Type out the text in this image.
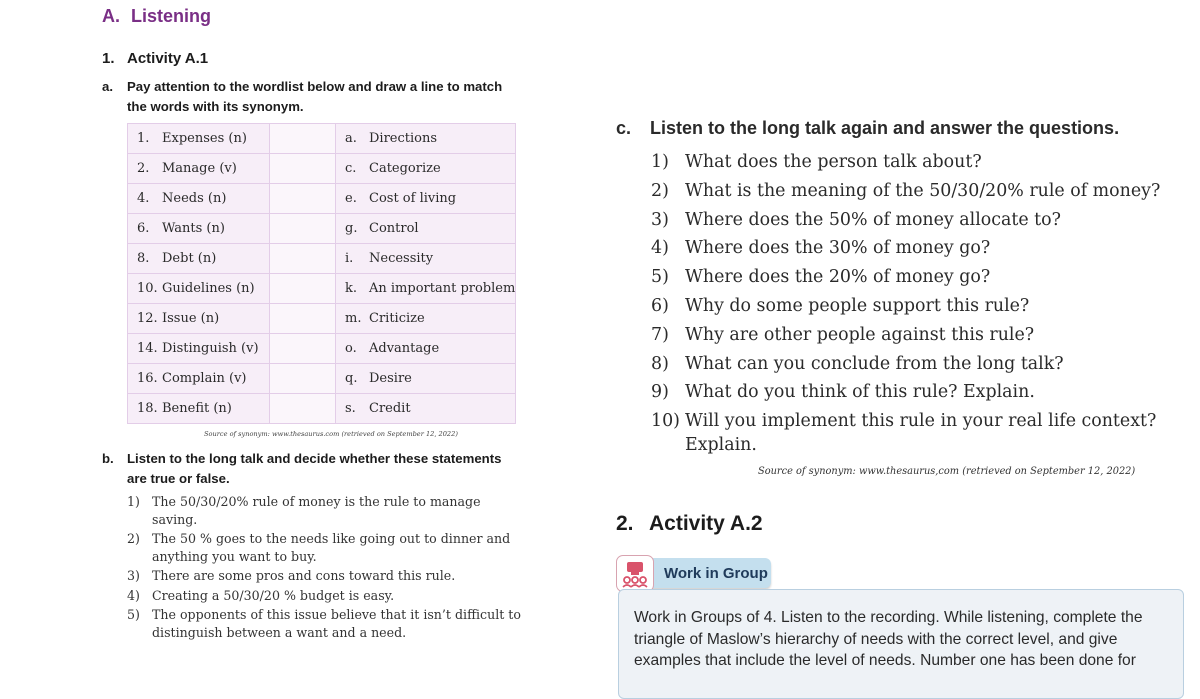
A. Listening
1. Activity A.1
a. Pay attention to the wordlist below and draw a line to match the words with its synonym.
1. Expenses (n)		a. Directions
2. Manage (v)		c. Categorize
4. Needs (n)		e. Cost of living
6. Wants (n)		g. Control
8. Debt (n)		i. Necessity
10. Guidelines (n)		k. An important problem
12. Issue (n)		m. Criticize
14. Distinguish (v)		o. Advantage
16. Complain (v)		q. Desire
18. Benefit (n)		s. Credit
Source of synonym: www.thesaurus.com (retrieved on September 12, 2022)
b. Listen to the long talk and decide whether these statements are true or false.
1) The 50/30/20% rule of money is the rule to manage saving.
2) The 50 % goes to the needs like going out to dinner and anything you want to buy.
3) There are some pros and cons toward this rule.
4) Creating a 50/30/20 % budget is easy.
5) The opponents of this issue believe that it isn’t difficult to distinguish between a want and a need.
c. Listen to the long talk again and answer the questions.
1) What does the person talk about?
2) What is the meaning of the 50/30/20% rule of money?
3) Where does the 50% of money allocate to?
4) Where does the 30% of money go?
5) Where does the 20% of money go?
6) Why do some people support this rule?
7) Why are other people against this rule?
8) What can you conclude from the long talk?
9) What do you think of this rule? Explain.
10) Will you implement this rule in your real life context? Explain.
Source of synonym: www.thesaurus,com (retrieved on September 12, 2022)
2. Activity A.2
Work in Group

Work in Groups of 4. Listen to the recording. While listening, complete the triangle of Maslow’s hierarchy of needs with the correct level, and give examples that include the level of needs. Number one has been done for
